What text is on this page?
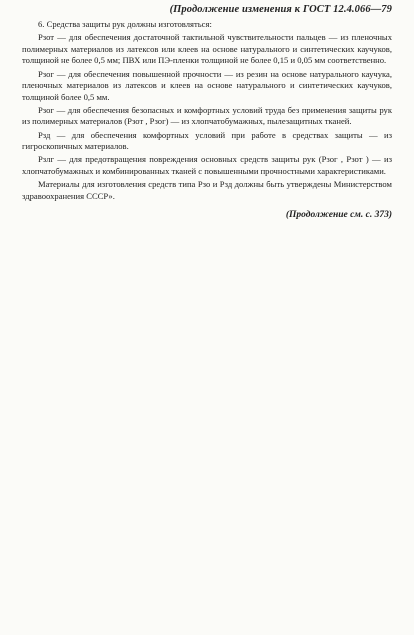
(Продолжение изменения к ГОСТ 12.4.066—79

6. Средства защиты рук должны изготовляться:

Рзот — для обеспечения достаточной тактильной чувствительности пальцев — из пленочных полимерных материалов из латексов или клеев на основе натурального и синтетических каучуков, толщиной не более 0,5 мм; ПВХ или ПЭ-пленки толщиной не более 0,15 и 0,05 мм соответственно.

Рзог — для обеспечения повышенной прочности — из резин на основе натурального каучука, пленочных материалов из латексов и клеев на основе натурального и синтетических каучуков, толщиной более 0,5 мм.

Рзог — для обеспечения безопасных и комфортных условий труда без применения защиты рук из полимерных материалов (Рзот , Рзог) — из хлопчатобумажных, пылезащитных тканей.

Рзд — для обеспечения комфортных условий при работе в средствах защиты — из гигроскопичных материалов.

Рзлг — для предотвращения повреждения основных средств защиты рук (Рзог , Рзот ) — из хлопчатобумажных и комбинированных тканей с повышенными прочностными характеристиками.

Материалы для изготовления средств типа Рзо и Рзд должны быть утверждены Министерством здравоохранения СССР».

(Продолжение см. с. 373)
